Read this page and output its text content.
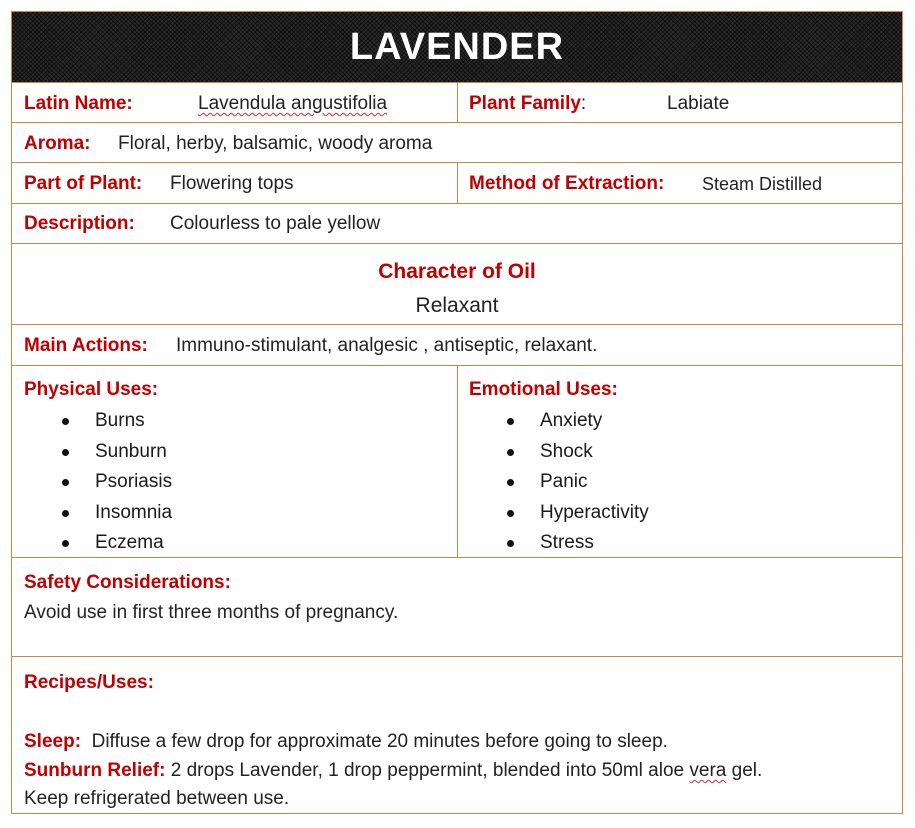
LAVENDER
Latin Name:	Lavendula angustifolia	Plant Family:	Labiate
Aroma: Floral, herby, balsamic, woody aroma
Part of Plant: Flowering tops	Method of Extraction: Steam Distilled
Description: Colourless to pale yellow
Character of Oil
Relaxant
Main Actions: Immuno-stimulant, analgesic , antiseptic, relaxant.
Physical Uses:
Burns
Sunburn
Psoriasis
Insomnia
Eczema
Emotional Uses:
Anxiety
Shock
Panic
Hyperactivity
Stress
Safety Considerations:
Avoid use in first three months of pregnancy.
Recipes/Uses:
Sleep: Diffuse a few drop for approximate 20 minutes before going to sleep.
Sunburn Relief: 2 drops Lavender, 1 drop peppermint, blended into 50ml aloe vera gel.
Keep refrigerated between use.
